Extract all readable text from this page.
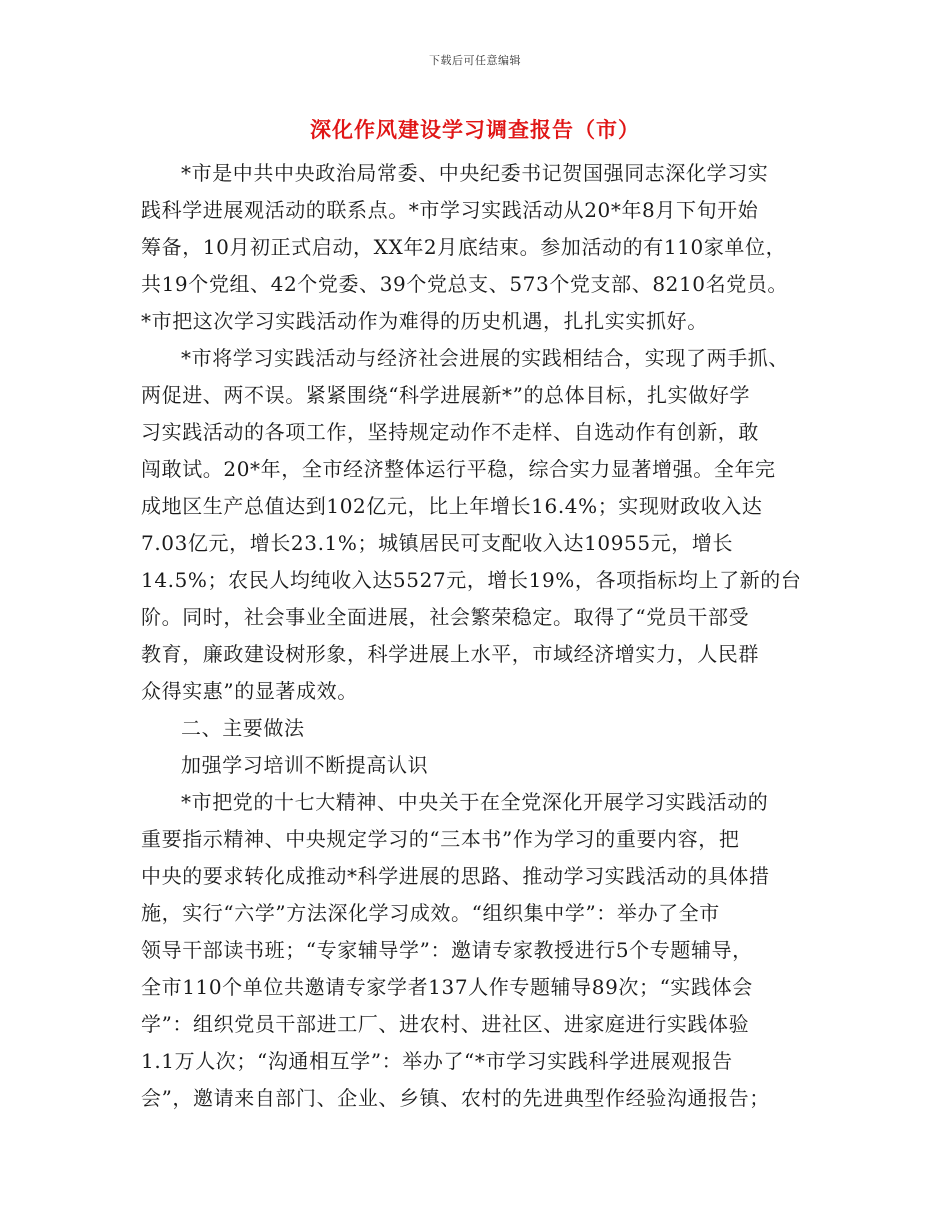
下载后可任意编辑
深化作风建设学习调查报告（市）
*市是中共中央政治局常委、中央纪委书记贺国强同志深化学习实
践科学进展观活动的联系点。*市学习实践活动从20*年8月下旬开始
筹备，10月初正式启动，XX年2月底结束。参加活动的有110家单位，
共19个党组、42个党委、39个党总支、573个党支部、8210名党员。
*市把这次学习实践活动作为难得的历史机遇，扎扎实实抓好。
*市将学习实践活动与经济社会进展的实践相结合，实现了两手抓、
两促进、两不误。紧紧围绕“科学进展新*”的总体目标，扎实做好学
习实践活动的各项工作，坚持规定动作不走样、自选动作有创新，敢
闯敢试。20*年，全市经济整体运行平稳，综合实力显著增强。全年完
成地区生产总值达到102亿元，比上年增长16.4%；实现财政收入达
7.03亿元，增长23.1%；城镇居民可支配收入达10955元，增长
14.5%；农民人均纯收入达5527元，增长19%，各项指标均上了新的台
阶。同时，社会事业全面进展，社会繁荣稳定。取得了“党员干部受
教育，廉政建设树形象，科学进展上水平，市域经济增实力，人民群
众得实惠”的显著成效。
二、主要做法
加强学习培训不断提高认识
*市把党的十七大精神、中央关于在全党深化开展学习实践活动的
重要指示精神、中央规定学习的“三本书”作为学习的重要内容，把
中央的要求转化成推动*科学进展的思路、推动学习实践活动的具体措
施，实行“六学”方法深化学习成效。“组织集中学”：举办了全市
领导干部读书班；“专家辅导学”：邀请专家教授进行5个专题辅导，
全市110个单位共邀请专家学者137人作专题辅导89次；“实践体会
学”：组织党员干部进工厂、进农村、进社区、进家庭进行实践体验
1.1万人次；“沟通相互学”：举办了“*市学习实践科学进展观报告
会”，邀请来自部门、企业、乡镇、农村的先进典型作经验沟通报告；
